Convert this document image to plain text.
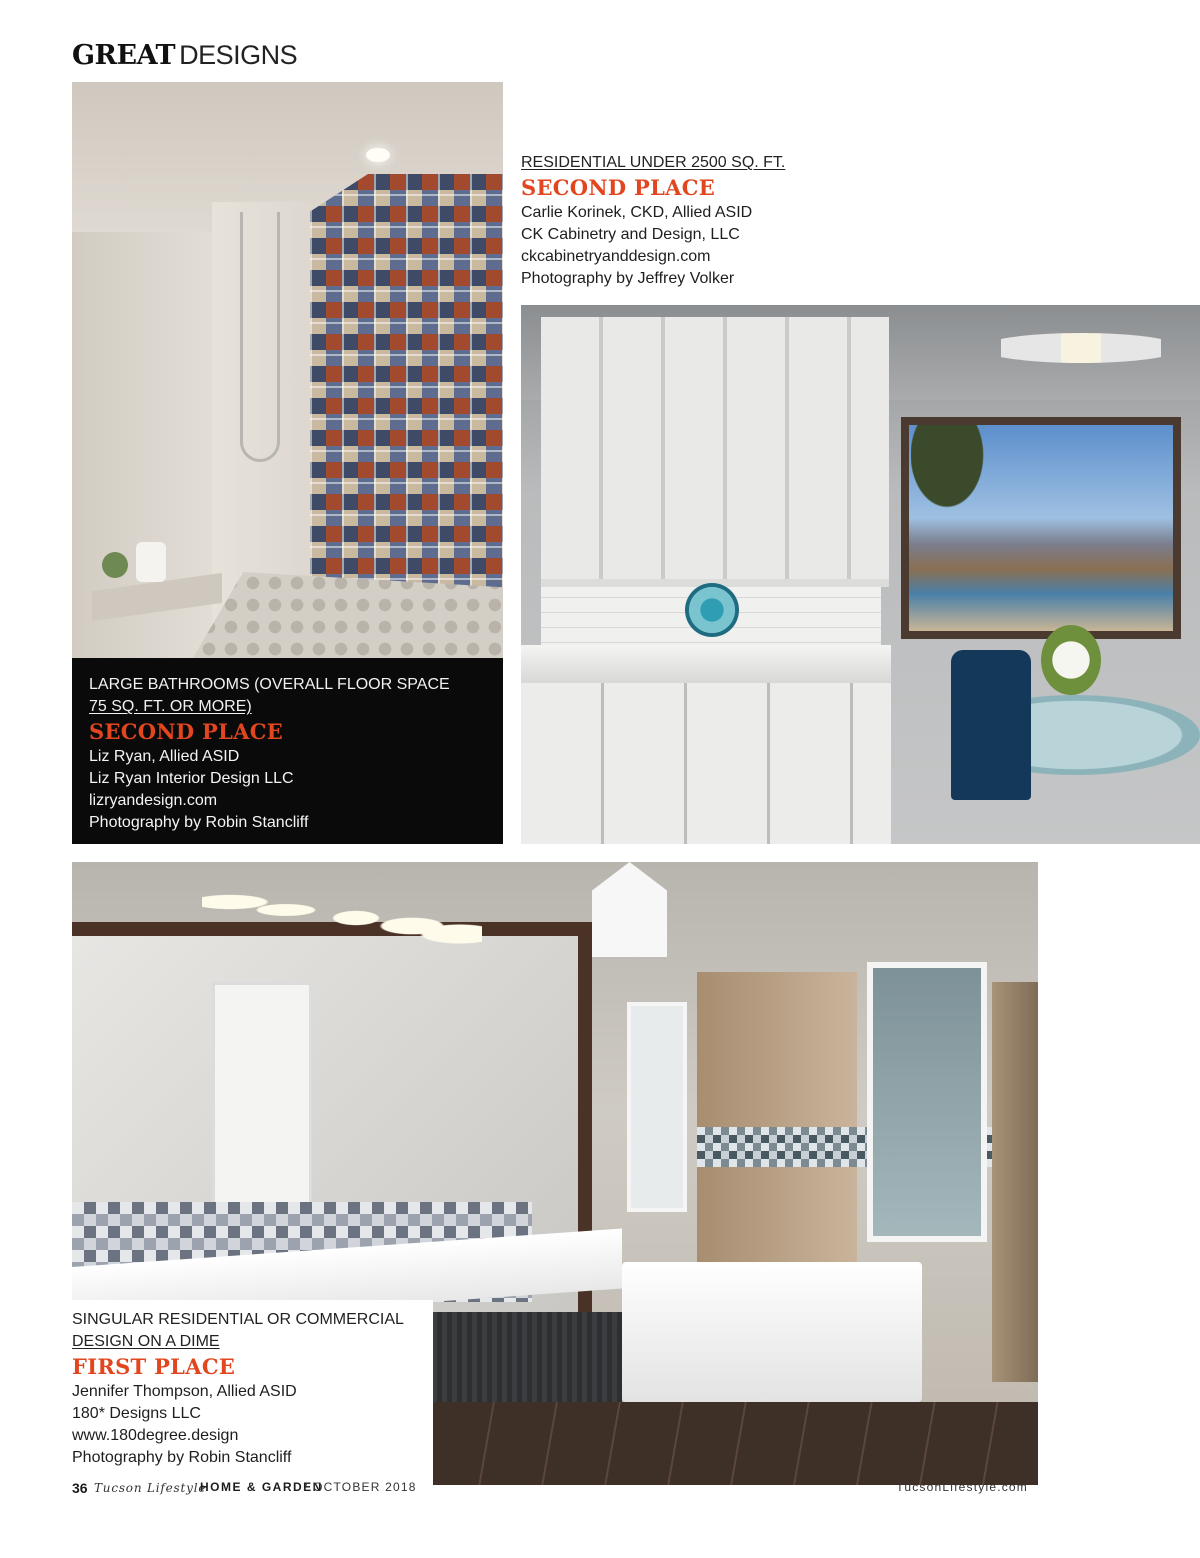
GREAT DESIGNS
LARGE BATHROOMS (OVERALL FLOOR SPACE
75 SQ. FT. OR MORE)
SECOND PLACE
Liz Ryan, Allied ASID
Liz Ryan Interior Design LLC
lizryandesign.com
Photography by Robin Stancliff
RESIDENTIAL UNDER 2500 SQ. FT.
SECOND PLACE
Carlie Korinek, CKD, Allied ASID
CK Cabinetry and Design, LLC
ckcabinetryanddesign.com
Photography by Jeffrey Volker
SINGULAR RESIDENTIAL OR COMMERCIAL
DESIGN ON A DIME
FIRST PLACE
Jennifer Thompson, Allied ASID
180* Designs LLC
www.180degree.design
Photography by Robin Stancliff
36 Tucson Lifestyle
HOME & GARDEN
/ OCTOBER 2018	TucsonLifestyle.com
